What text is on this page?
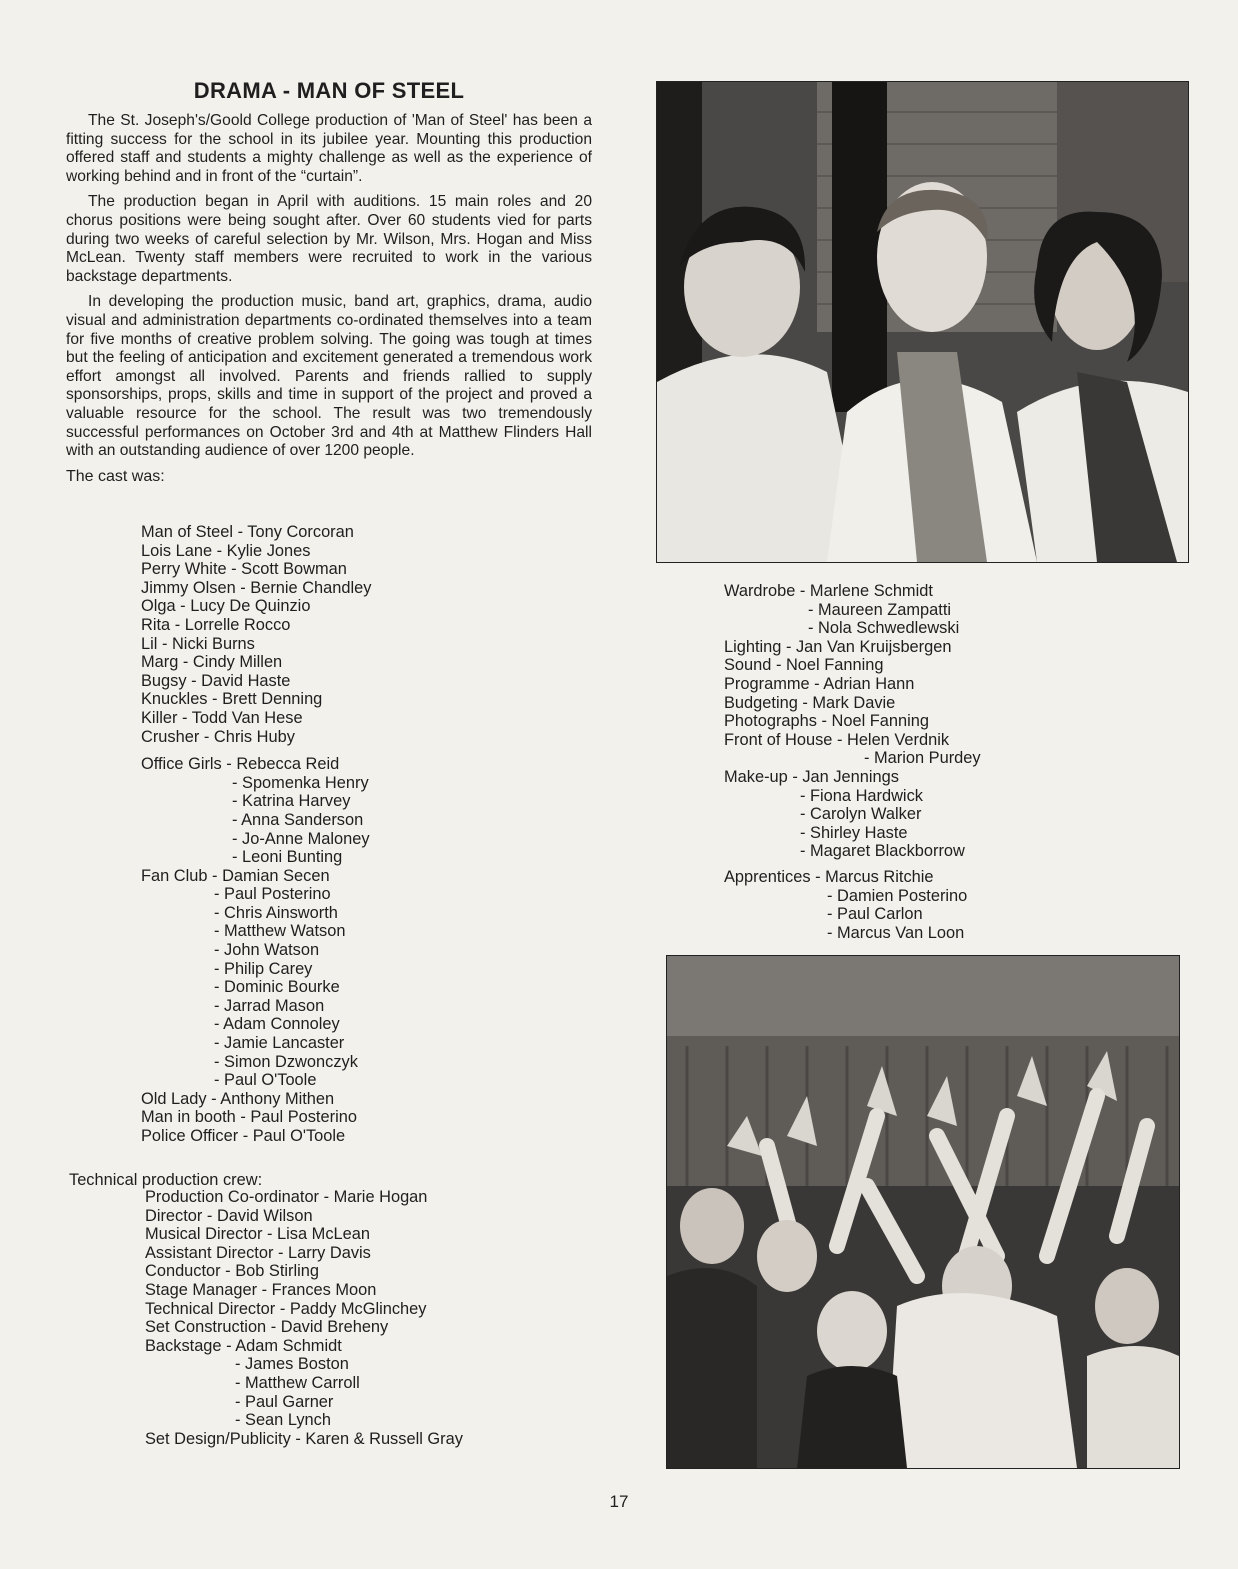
DRAMA - MAN OF STEEL

The St. Joseph's/Goold College production of 'Man of Steel' has been a fitting success for the school in its jubilee year. Mounting this production offered staff and students a mighty challenge as well as the experience of working behind and in front of the “curtain”.

The production began in April with auditions. 15 main roles and 20 chorus positions were being sought after. Over 60 students vied for parts during two weeks of careful selection by Mr. Wilson, Mrs. Hogan and Miss McLean. Twenty staff members were recruited to work in the various backstage departments.

In developing the production music, band art, graphics, drama, audio visual and administration departments co-ordinated themselves into a team for five months of creative problem solving. The going was tough at times but the feeling of anticipation and excitement generated a tremendous work effort amongst all involved. Parents and friends rallied to supply sponsorships, props, skills and time in support of the project and proved a valuable resource for the school. The result was two tremendously successful performances on October 3rd and 4th at Matthew Flinders Hall with an outstanding audience of over 1200 people.

The cast was:

Man of Steel - Tony Corcoran
Lois Lane - Kylie Jones
Perry White - Scott Bowman
Jimmy Olsen - Bernie Chandley
Olga - Lucy De Quinzio
Rita - Lorrelle Rocco
Lil - Nicki Burns
Marg - Cindy Millen
Bugsy - David Haste
Knuckles - Brett Denning
Killer - Todd Van Hese
Crusher - Chris Huby
Office Girls - Rebecca Reid
- Spomenka Henry
- Katrina Harvey
- Anna Sanderson
- Jo-Anne Maloney
- Leoni Bunting
Fan Club - Damian Secen
- Paul Posterino
- Chris Ainsworth
- Matthew Watson
- John Watson
- Philip Carey
- Dominic Bourke
- Jarrad Mason
- Adam Connoley
- Jamie Lancaster
- Simon Dzwonczyk
- Paul O'Toole
Old Lady - Anthony Mithen
Man in booth - Paul Posterino
Police Officer - Paul O'Toole
Technical production crew:
Production Co-ordinator - Marie Hogan
Director - David Wilson
Musical Director - Lisa McLean
Assistant Director - Larry Davis
Conductor - Bob Stirling
Stage Manager - Frances Moon
Technical Director - Paddy McGlinchey
Set Construction - David Breheny
Backstage - Adam Schmidt
- James Boston
- Matthew Carroll
- Paul Garner
- Sean Lynch
Set Design/Publicity - Karen & Russell Gray
Wardrobe - Marlene Schmidt
- Maureen Zampatti
- Nola Schwedlewski
Lighting - Jan Van Kruijsbergen
Sound - Noel Fanning
Programme - Adrian Hann
Budgeting - Mark Davie
Photographs - Noel Fanning
Front of House - Helen Verdnik
- Marion Purdey
Make-up - Jan Jennings
- Fiona Hardwick
- Carolyn Walker
- Shirley Haste
- Magaret Blackborrow
Apprentices - Marcus Ritchie
- Damien Posterino
- Paul Carlon
- Marcus Van Loon
17
